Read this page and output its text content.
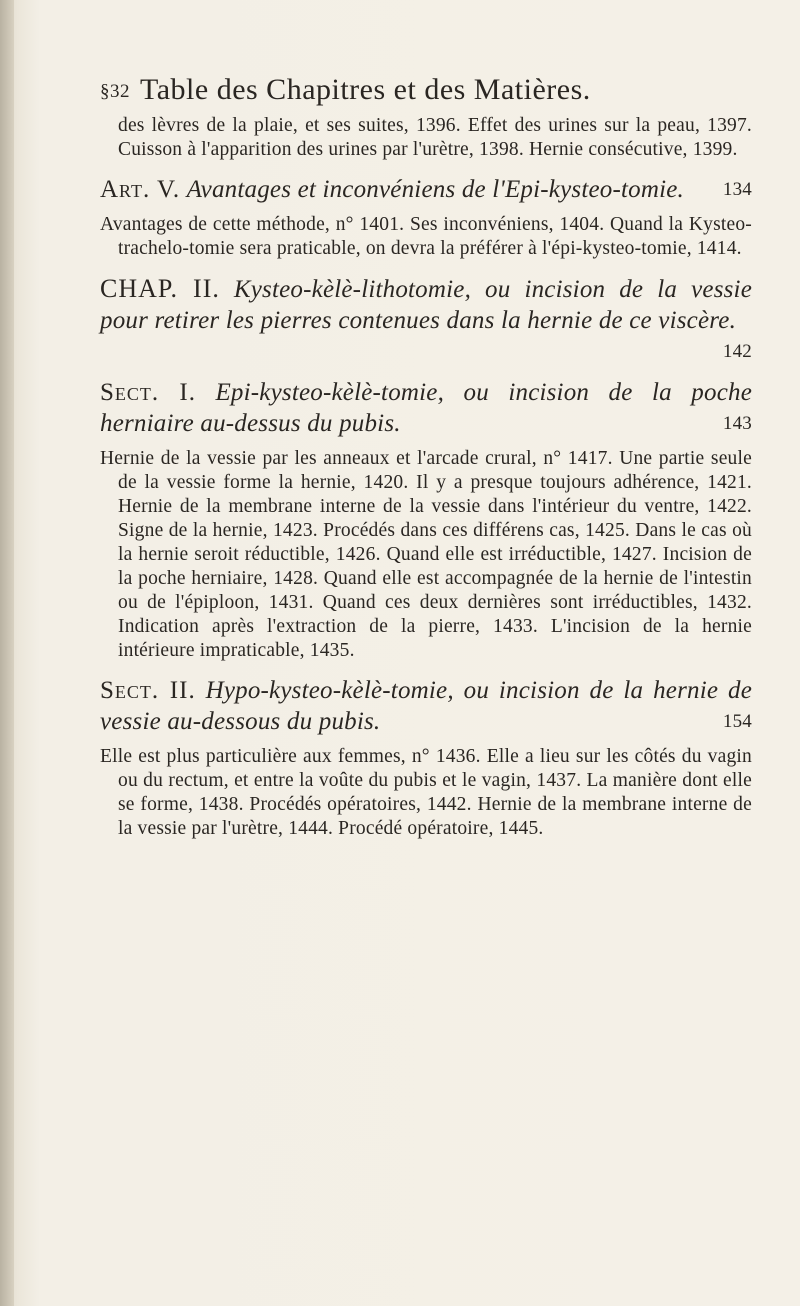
§32 Table des Chapitres et des Matières.

des lèvres de la plaie, et ses suites, 1396. Effet des urines sur la peau, 1397. Cuisson à l'apparition des urines par l'urètre, 1398. Hernie consécutive, 1399.

Art. V. Avantages et inconvéniens de l'Epi-kysteo-tomie. 134

Avantages de cette méthode, n° 1401. Ses inconvéniens, 1404. Quand la Kysteo-trachelo-tomie sera praticable, on devra la préférer à l'épi-kysteo-tomie, 1414.

CHAP. II. Kysteo-kèlè-lithotomie, ou incision de la vessie pour retirer les pierres contenues dans la hernie de ce viscère.
142
Sect. I. Epi-kysteo-kèlè-tomie, ou incision de la poche herniaire au-dessus du pubis.	143

Hernie de la vessie par les anneaux et l'arcade crural, n° 1417. Une partie seule de la vessie forme la hernie, 1420. Il y a presque toujours adhérence, 1421. Hernie de la membrane interne de la vessie dans l'intérieur du ventre, 1422. Signe de la hernie, 1423. Procédés dans ces différens cas, 1425. Dans le cas où la hernie seroit réductible, 1426. Quand elle est irréductible, 1427. Incision de la poche herniaire, 1428. Quand elle est accompagnée de la hernie de l'intestin ou de l'épiploon, 1431. Quand ces deux dernières sont irréductibles, 1432. Indication après l'extraction de la pierre, 1433. L'incision de la hernie intérieure impraticable, 1435.

Sect. II. Hypo-kysteo-kèlè-tomie, ou incision de la hernie de vessie au-dessous du pubis.	154

Elle est plus particulière aux femmes, n° 1436. Elle a lieu sur les côtés du vagin ou du rectum, et entre la voûte du pubis et le vagin, 1437. La manière dont elle se forme, 1438. Procédés opératoires, 1442. Hernie de la membrane interne de la vessie par l'urètre, 1444. Procédé opératoire, 1445.
